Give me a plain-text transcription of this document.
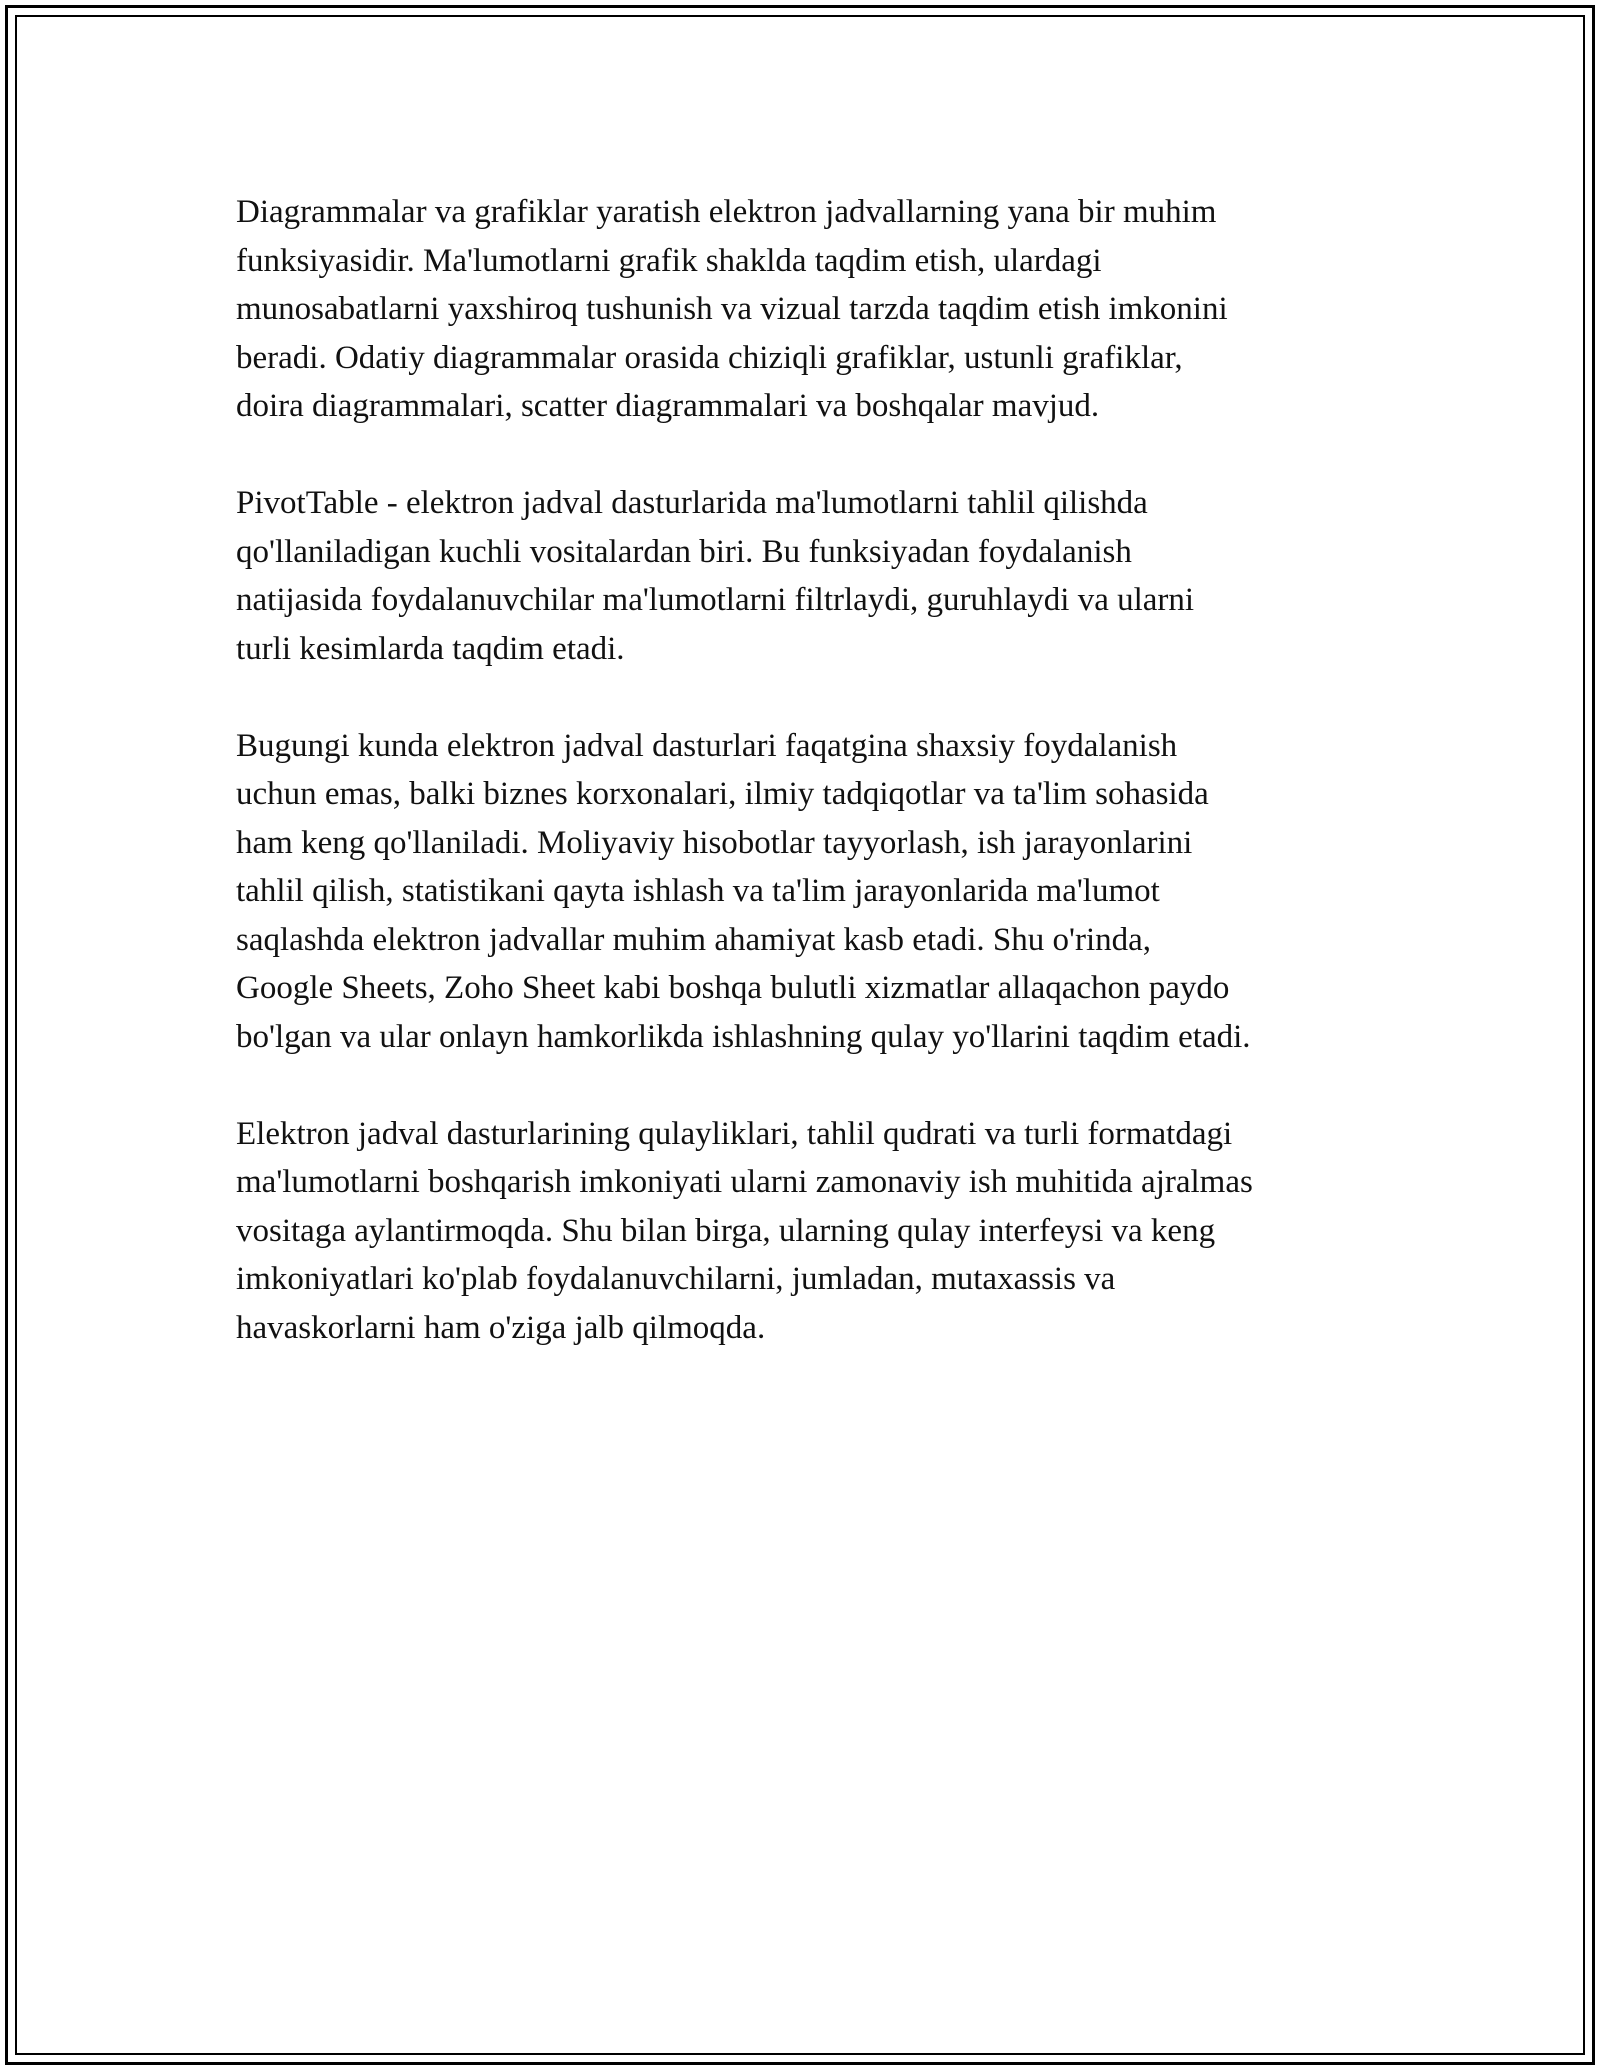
Diagrammalar va grafiklar yaratish elektron jadvallarning yana bir muhim
funksiyasidir. Ma'lumotlarni grafik shaklda taqdim etish, ulardagi
munosabatlarni yaxshiroq tushunish va vizual tarzda taqdim etish imkonini
beradi. Odatiy diagrammalar orasida chiziqli grafiklar, ustunli grafiklar,
doira diagrammalari, scatter diagrammalari va boshqalar mavjud.

PivotTable - elektron jadval dasturlarida ma'lumotlarni tahlil qilishda
qo'llaniladigan kuchli vositalardan biri. Bu funksiyadan foydalanish
natijasida foydalanuvchilar ma'lumotlarni filtrlaydi, guruhlaydi va ularni
turli kesimlarda taqdim etadi.

Bugungi kunda elektron jadval dasturlari faqatgina shaxsiy foydalanish
uchun emas, balki biznes korxonalari, ilmiy tadqiqotlar va ta'lim sohasida
ham keng qo'llaniladi. Moliyaviy hisobotlar tayyorlash, ish jarayonlarini
tahlil qilish, statistikani qayta ishlash va ta'lim jarayonlarida ma'lumot
saqlashda elektron jadvallar muhim ahamiyat kasb etadi. Shu o'rinda,
Google Sheets, Zoho Sheet kabi boshqa bulutli xizmatlar allaqachon paydo
bo'lgan va ular onlayn hamkorlikda ishlashning qulay yo'llarini taqdim etadi.

Elektron jadval dasturlarining qulayliklari, tahlil qudrati va turli formatdagi
ma'lumotlarni boshqarish imkoniyati ularni zamonaviy ish muhitida ajralmas
vositaga aylantirmoqda. Shu bilan birga, ularning qulay interfeysi va keng
imkoniyatlari ko'plab foydalanuvchilarni, jumladan, mutaxassis va
havaskorlarni ham o'ziga jalb qilmoqda.
